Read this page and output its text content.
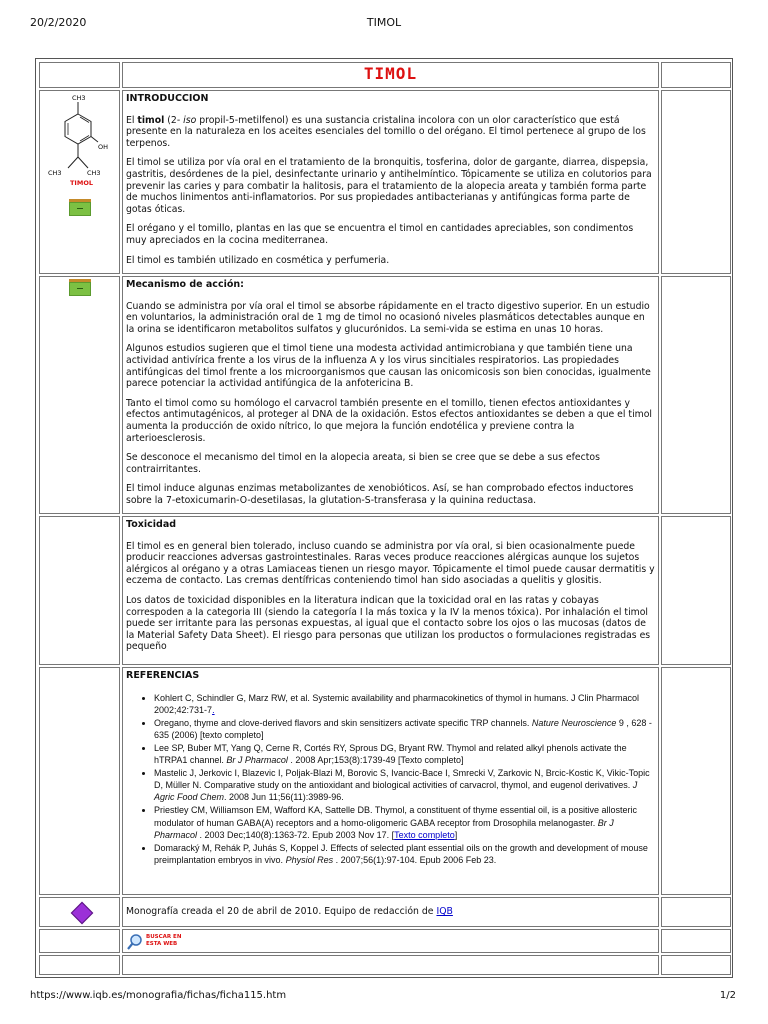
20/2/2020	TIMOL
TIMOL
CH3
OH
CH3	CH3
TIMOL
INTRODUCCION

El timol (2- iso propil-5-metilfenol) es una sustancia cristalina incolora con un olor característico que está presente en la naturaleza en los aceites esenciales del tomillo o del orégano. El timol pertenece al grupo de los terpenos.

El timol se utiliza por vía oral en el tratamiento de la bronquitis, tosferina, dolor de gargante, diarrea, dispepsia, gastritis, desórdenes de la piel, desinfectante urinario y antihelmíntico. Tópicamente se utiliza en colutorios para prevenir las caries y para combatir la halitosis, para el tratamiento de la alopecia areata y también forma parte de muchos linimentos anti-inflamatorios. Por sus propiedades antibacterianas y antifúngicas forma parte de gotas óticas.

El orégano y el tomillo, plantas en las que se encuentra el timol en cantidades apreciables, son condimentos muy apreciados en la cocina mediterranea.

El timol es también utilizado en cosmética y perfumeria.

Mecanismo de acción:

Cuando se administra por vía oral el timol se absorbe rápidamente en el tracto digestivo superior. En un estudio en voluntarios, la administración oral de 1 mg de timol no ocasionó niveles plasmáticos detectables aunque en la orina se identificaron metabolitos sulfatos y glucurónidos. La semi-vida se estima en unas 10 horas.

Algunos estudios sugieren que el timol tiene una modesta actividad antimicrobiana y que también tiene una actividad antivírica frente a los virus de la influenza A y los virus sincitiales respiratorios. Las propiedades antifúngicas del timol frente a los microorganismos que causan las onicomicosis son bien conocidas, igualmente parece potenciar la actividad antifúngica de la anfotericina B.

Tanto el timol como su homólogo el carvacrol también presente en el tomillo, tienen efectos antioxidantes y efectos antimutagénicos, al proteger al DNA de la oxidación. Estos efectos antioxidantes se deben a que el timol aumenta la producción de oxido nítrico, lo que mejora la función endotélica y previene contra la arterioesclerosis.

Se desconoce el mecanismo del timol en la alopecia areata, si bien se cree que se debe a sus efectos contrairritantes.

El timol induce algunas enzimas metabolizantes de xenobióticos. Así, se han comprobado efectos inductores sobre la 7-etoxicumarin-O-desetilasas, la glutation-S-transferasa y la quinina reductasa.

Toxicidad

El timol es en general bien tolerado, incluso cuando se administra por vía oral, si bien ocasionalmente puede producir reacciones adversas gastrointestinales. Raras veces produce reacciones alérgicas aunque los sujetos alérgicos al orégano y a otras Lamiaceas tienen un riesgo mayor. Tópicamente el timol puede causar dermatitis y eczema de contacto. Las cremas dentífricas conteniendo timol han sido asociadas a quelitis y glositis.

Los datos de toxicidad disponibles en la literatura indican que la toxicidad oral en las ratas y cobayas correspoden a la categoria III (siendo la categoría I la más toxica y la IV la menos tóxica). Por inhalación el timol puede ser irritante para las personas expuestas, al igual que el contacto sobre los ojos o las mucosas (datos de la Material Safety Data Sheet). El riesgo para personas que utilizan los productos o formulaciones registradas es pequeño

REFERENCIAS
• Kohlert C, Schindler G, Marz RW, et al. Systemic availability and pharmacokinetics of thymol in humans. J Clin Pharmacol 2002;42:731-7.
• Oregano, thyme and clove-derived flavors and skin sensitizers activate specific TRP channels. Nature Neuroscience 9 , 628 - 635 (2006) [texto completo]
• Lee SP, Buber MT, Yang Q, Cerne R, Cortés RY, Sprous DG, Bryant RW. Thymol and related alkyl phenols activate the hTRPA1 channel. Br J Pharmacol . 2008 Apr;153(8):1739-49 [Texto completo]
• Mastelic J, Jerkovic I, Blazevic I, Poljak-Blazi M, Borovic S, Ivancic-Bace I, Smrecki V, Zarkovic N, Brcic-Kostic K, Vikic-Topic D, Müller N. Comparative study on the antioxidant and biological activities of carvacrol, thymol, and eugenol derivatives. J Agric Food Chem. 2008 Jun 11;56(11):3989-96.
• Priestley CM, Williamson EM, Wafford KA, Sattelle DB. Thymol, a constituent of thyme essential oil, is a positive allosteric modulator of human GABA(A) receptors and a homo-oligomeric GABA receptor from Drosophila melanogaster. Br J Pharmacol . 2003 Dec;140(8):1363-72. Epub 2003 Nov 17. [Texto completo]
• Domaracký M, Rehák P, Juhás S, Koppel J. Effects of selected plant essential oils on the growth and development of mouse preimplantation embryos in vivo. Physiol Res . 2007;56(1):97-104. Epub 2006 Feb 23.
Monografía creada el 20 de abril de 2010. Equipo de redacción de IQB
BUSCAR EN
ESTA WEB
https://www.iqb.es/monografia/fichas/ficha115.htm	1/2
